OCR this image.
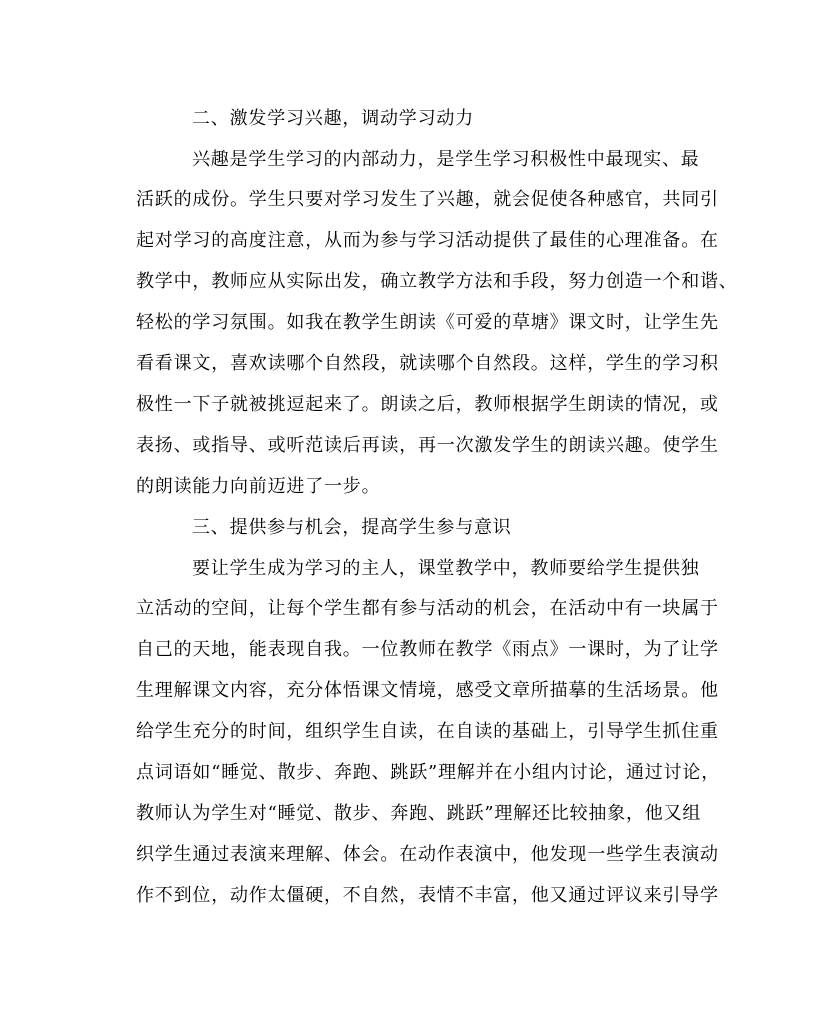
二、激发学习兴趣，调动学习动力
兴趣是学生学习的内部动力，是学生学习积极性中最现实、最
活跃的成份。学生只要对学习发生了兴趣，就会促使各种感官，共同引
起对学习的高度注意，从而为参与学习活动提供了最佳的心理准备。在
教学中，教师应从实际出发，确立教学方法和手段，努力创造一个和谐、
轻松的学习氛围。如我在教学生朗读《可爱的草塘》课文时，让学生先
看看课文，喜欢读哪个自然段，就读哪个自然段。这样，学生的学习积
极性一下子就被挑逗起来了。朗读之后，教师根据学生朗读的情况，或
表扬、或指导、或听范读后再读，再一次激发学生的朗读兴趣。使学生
的朗读能力向前迈进了一步。
三、提供参与机会，提高学生参与意识
要让学生成为学习的主人，课堂教学中，教师要给学生提供独
立活动的空间，让每个学生都有参与活动的机会，在活动中有一块属于
自己的天地，能表现自我。一位教师在教学《雨点》一课时，为了让学
生理解课文内容，充分体悟课文情境，感受文章所描摹的生活场景。他
给学生充分的时间，组织学生自读，在自读的基础上，引导学生抓住重
点词语如“睡觉、散步、奔跑、跳跃”理解并在小组内讨论，通过讨论，
教师认为学生对“睡觉、散步、奔跑、跳跃”理解还比较抽象，他又组
织学生通过表演来理解、体会。在动作表演中，他发现一些学生表演动
作不到位，动作太僵硬，不自然，表情不丰富，他又通过评议来引导学
